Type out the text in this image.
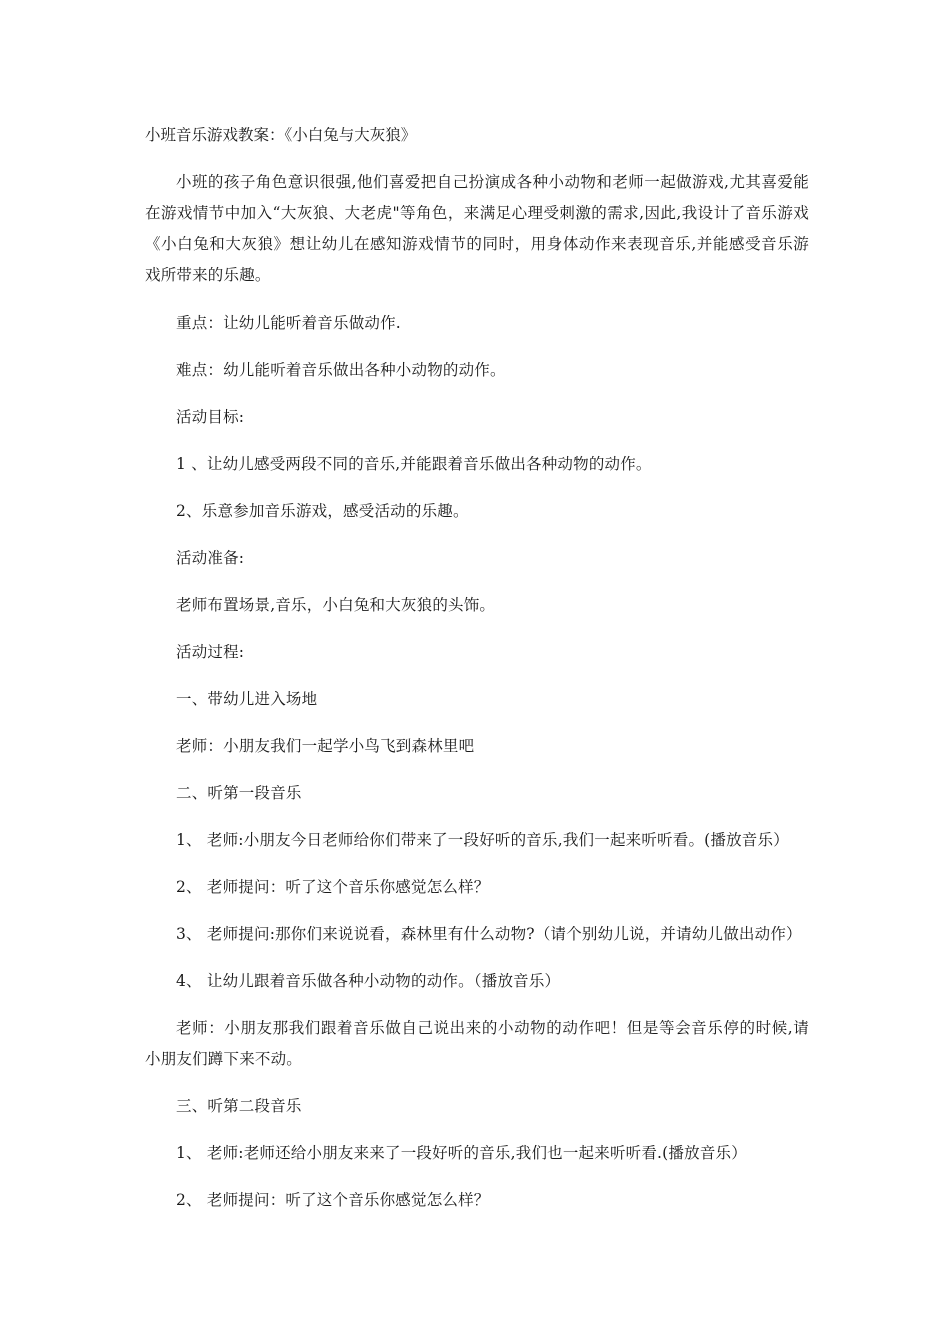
小班音乐游戏教案：《小白兔与大灰狼》

小班的孩子角色意识很强,他们喜爱把自己扮演成各种小动物和老师一起做游戏,尤其喜爱能在游戏情节中加入“大灰狼、大老虎"等角色，来满足心理受刺激的需求,因此,我设计了音乐游戏《小白兔和大灰狼》想让幼儿在感知游戏情节的同时，用身体动作来表现音乐,并能感受音乐游戏所带来的乐趣。

重点：让幼儿能听着音乐做动作.

难点：幼儿能听着音乐做出各种小动物的动作。

活动目标:

1 、让幼儿感受两段不同的音乐,并能跟着音乐做出各种动物的动作。

2、乐意参加音乐游戏，感受活动的乐趣。

活动准备:

老师布置场景,音乐，小白兔和大灰狼的头饰。

活动过程:

一、带幼儿进入场地

老师：小朋友我们一起学小鸟飞到森林里吧

二、听第一段音乐

1、 老师:小朋友今日老师给你们带来了一段好听的音乐,我们一起来听听看。(播放音乐）

2、 老师提问：听了这个音乐你感觉怎么样？

3、 老师提问:那你们来说说看，森林里有什么动物?（请个别幼儿说，并请幼儿做出动作）

4、 让幼儿跟着音乐做各种小动物的动作。（播放音乐）

老师：小朋友那我们跟着音乐做自己说出来的小动物的动作吧！但是等会音乐停的时候,请小朋友们蹲下来不动。

三、听第二段音乐

1、 老师:老师还给小朋友来来了一段好听的音乐,我们也一起来听听看.(播放音乐）

2、 老师提问：听了这个音乐你感觉怎么样？
